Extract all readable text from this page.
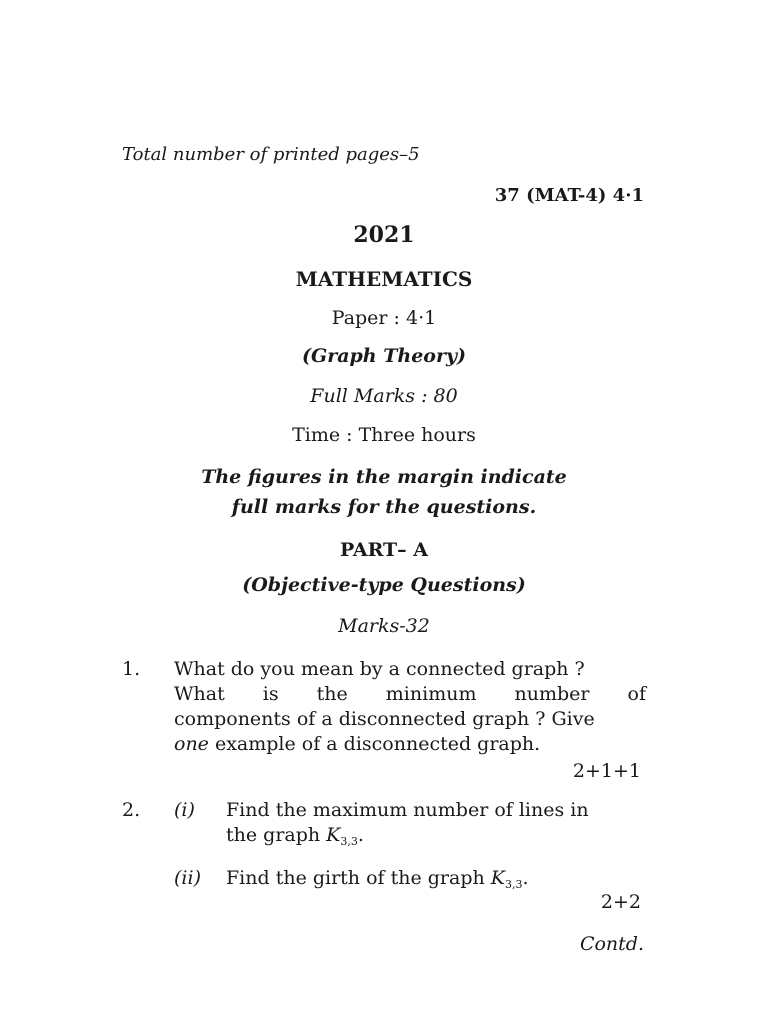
Total number of printed pages–5
37 (MAT-4) 4·1
2021
MATHEMATICS
Paper : 4·1
(Graph Theory)
Full Marks : 80
Time : Three hours
The figures in the margin indicate
full marks for the questions.
PART– A
(Objective-type Questions)
Marks-32
1. What do you mean by a connected graph ?
What is the minimum number of
components of a disconnected graph ? Give
one example of a disconnected graph.
2+1+1
2. (i) Find the maximum number of lines in
the graph $K_{3,3}$.
(ii) Find the girth of the graph $K_{3,3}$.
2+2
Contd.
